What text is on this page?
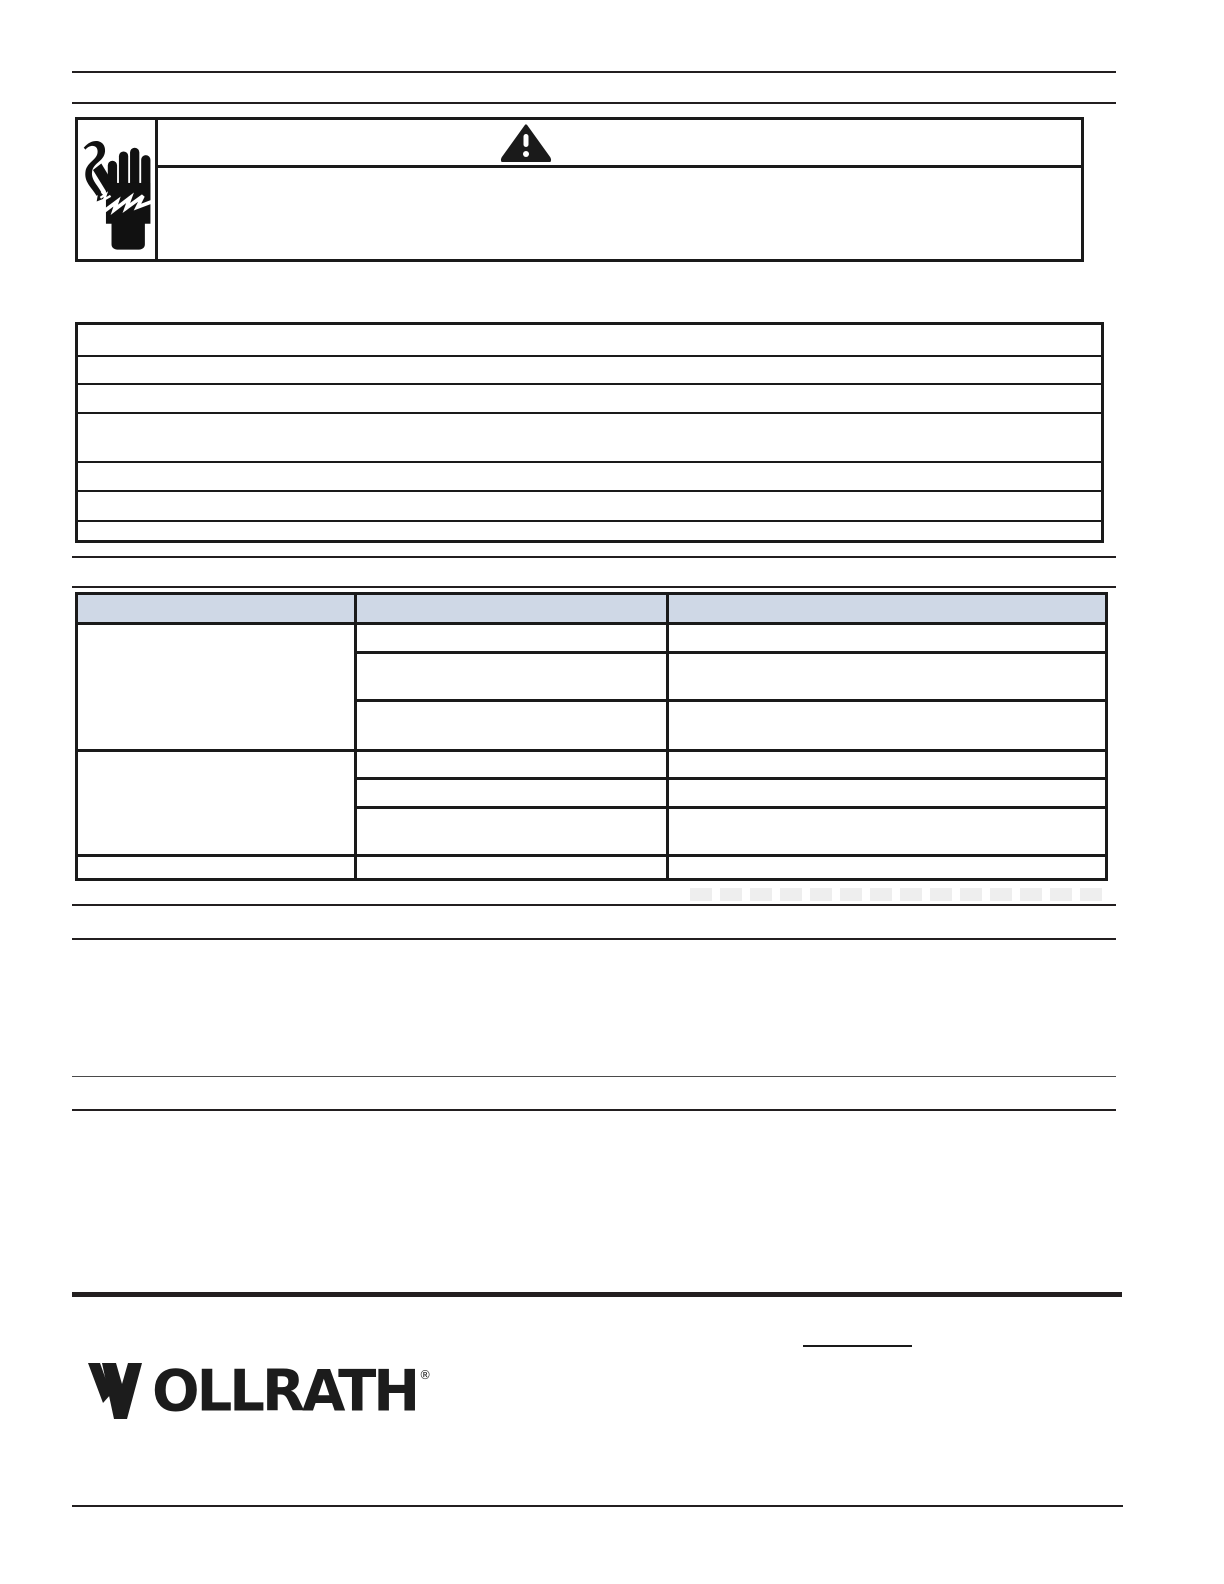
OLLRATH ®
